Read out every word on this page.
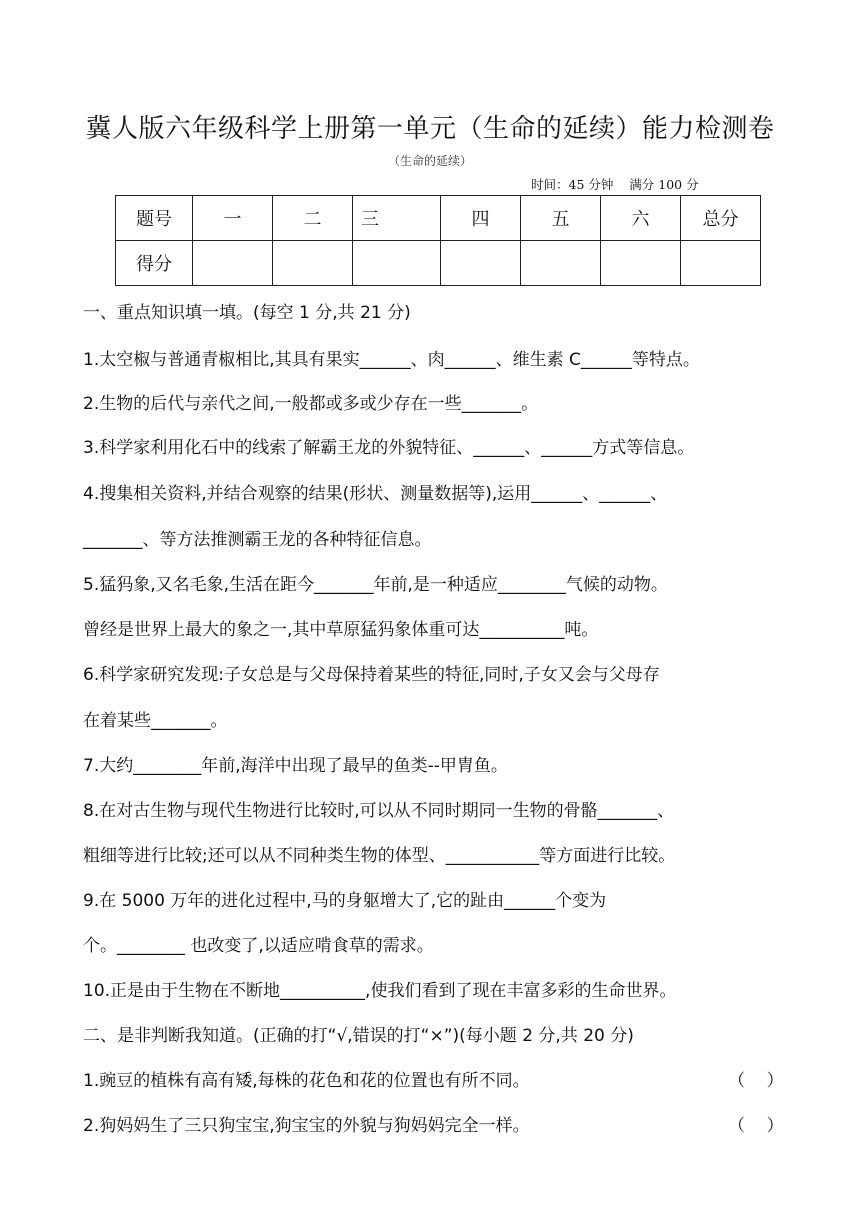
冀人版六年级科学上册第一单元（生命的延续）能力检测卷
（生命的延续）
时间：45 分钟    满分 100 分
题号	一	二	三	四	五	六	总分
得分							
一、重点知识填一填。(每空 1 分,共 21 分)
1.太空椒与普通青椒相比,其具有果实______、肉______、维生素 C______等特点。
2.生物的后代与亲代之间,一般都或多或少存在一些_______。
3.科学家利用化石中的线索了解霸王龙的外貌特征、______、______方式等信息。
4.搜集相关资料,并结合观察的结果(形状、测量数据等),运用______、______、
_______、等方法推测霸王龙的各种特征信息。
5.猛犸象,又名毛象,生活在距今_______年前,是一种适应________气候的动物。
曾经是世界上最大的象之一,其中草原猛犸象体重可达__________吨。
6.科学家研究发现:子女总是与父母保持着某些的特征,同时,子女又会与父母存
在着某些_______。
7.大约________年前,海洋中出现了最早的鱼类--甲胄鱼。
8.在对古生物与现代生物进行比较时,可以从不同时期同一生物的骨骼_______、
粗细等进行比较;还可以从不同种类生物的体型、___________等方面进行比较。
9.在 5000 万年的进化过程中,马的身躯增大了,它的趾由______个变为
个。________ 也改变了,以适应啃食草的需求。
10.正是由于生物在不断地__________,使我们看到了现在丰富多彩的生命世界。
二、是非判断我知道。(正确的打“√,错误的打“×”)(每小题 2 分,共 20 分)
1.豌豆的植株有高有矮,每株的花色和花的位置也有所不同。	（    ）
2.狗妈妈生了三只狗宝宝,狗宝宝的外貌与狗妈妈完全一样。	（    ）
